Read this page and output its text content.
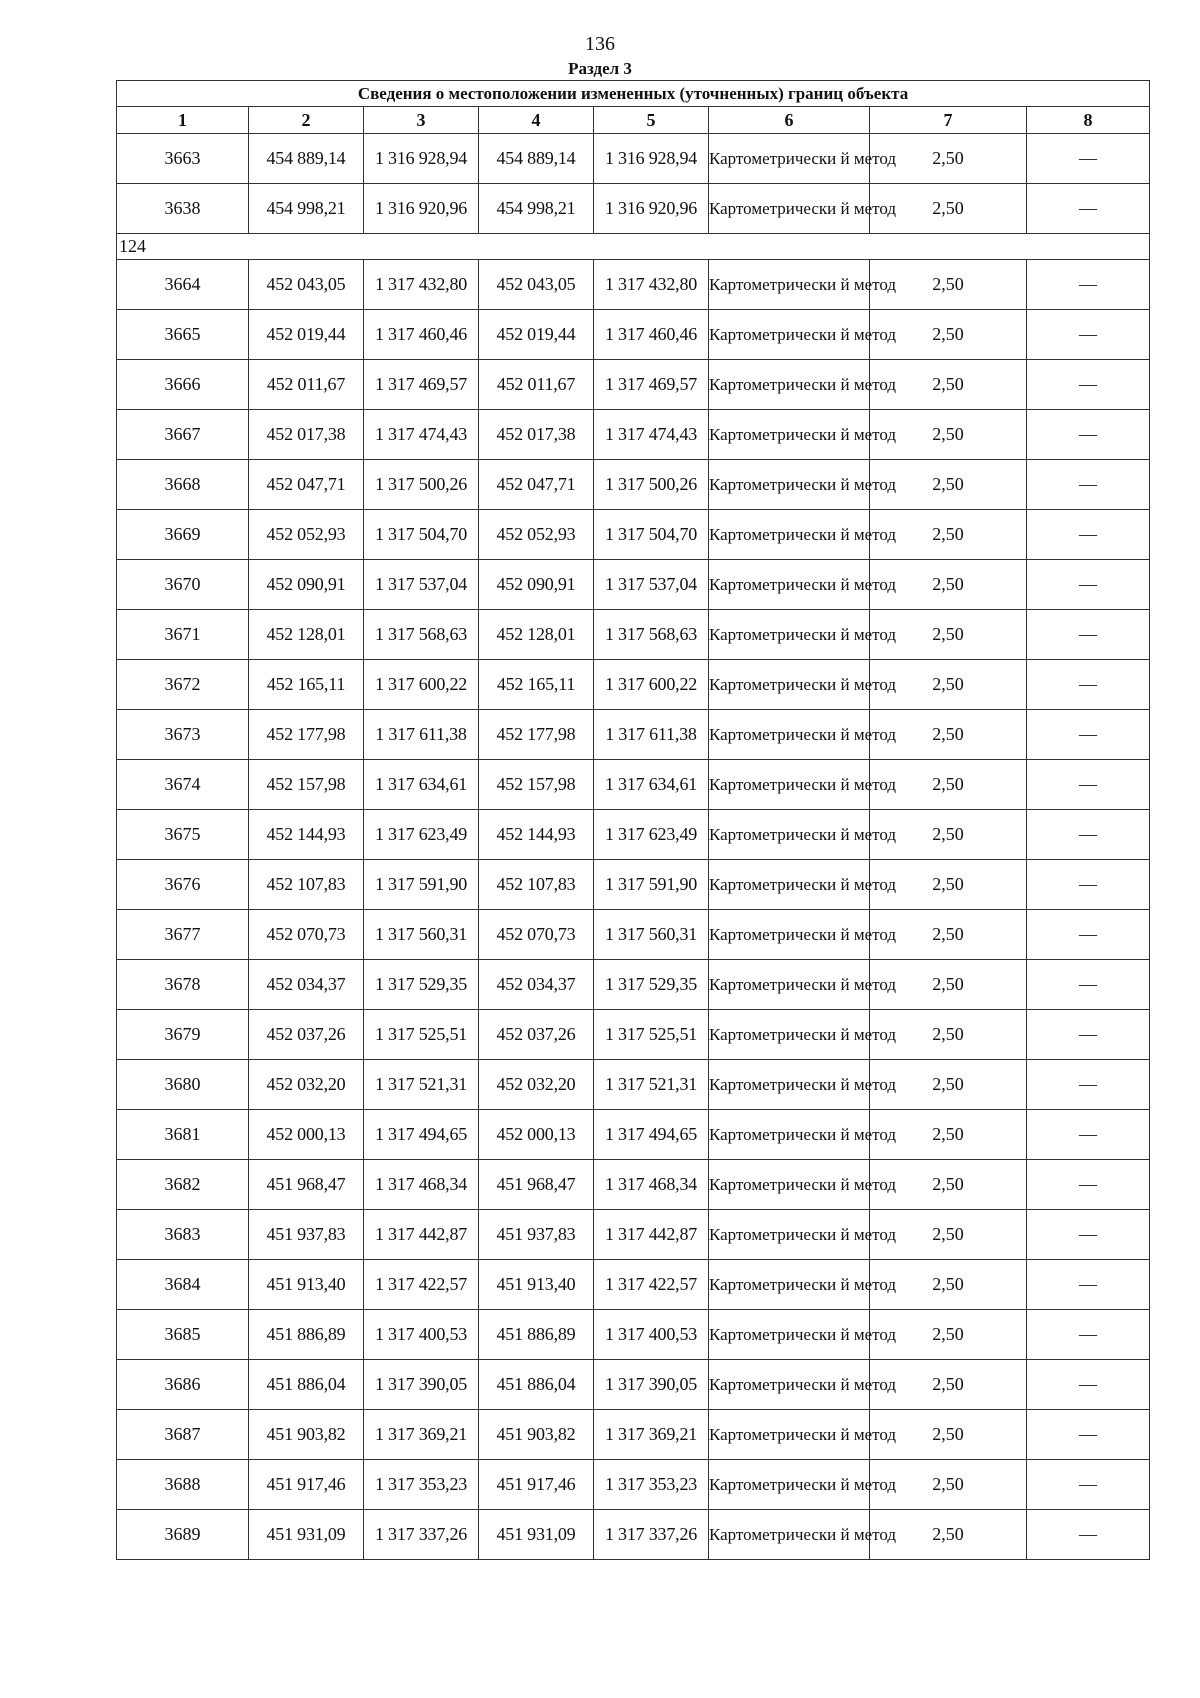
136
Раздел 3
Сведения о местоположении измененных (уточненных) границ объекта							
1	2	3	4	5	6	7	8
3663	454 889,14	1 316 928,94	454 889,14	1 316 928,94	Картометрически й метод	2,50	—
3638	454 998,21	1 316 920,96	454 998,21	1 316 920,96	Картометрически й метод	2,50	—
124							
3664	452 043,05	1 317 432,80	452 043,05	1 317 432,80	Картометрически й метод	2,50	—
3665	452 019,44	1 317 460,46	452 019,44	1 317 460,46	Картометрически й метод	2,50	—
3666	452 011,67	1 317 469,57	452 011,67	1 317 469,57	Картометрически й метод	2,50	—
3667	452 017,38	1 317 474,43	452 017,38	1 317 474,43	Картометрически й метод	2,50	—
3668	452 047,71	1 317 500,26	452 047,71	1 317 500,26	Картометрически й метод	2,50	—
3669	452 052,93	1 317 504,70	452 052,93	1 317 504,70	Картометрически й метод	2,50	—
3670	452 090,91	1 317 537,04	452 090,91	1 317 537,04	Картометрически й метод	2,50	—
3671	452 128,01	1 317 568,63	452 128,01	1 317 568,63	Картометрически й метод	2,50	—
3672	452 165,11	1 317 600,22	452 165,11	1 317 600,22	Картометрически й метод	2,50	—
3673	452 177,98	1 317 611,38	452 177,98	1 317 611,38	Картометрически й метод	2,50	—
3674	452 157,98	1 317 634,61	452 157,98	1 317 634,61	Картометрически й метод	2,50	—
3675	452 144,93	1 317 623,49	452 144,93	1 317 623,49	Картометрически й метод	2,50	—
3676	452 107,83	1 317 591,90	452 107,83	1 317 591,90	Картометрически й метод	2,50	—
3677	452 070,73	1 317 560,31	452 070,73	1 317 560,31	Картометрически й метод	2,50	—
3678	452 034,37	1 317 529,35	452 034,37	1 317 529,35	Картометрически й метод	2,50	—
3679	452 037,26	1 317 525,51	452 037,26	1 317 525,51	Картометрически й метод	2,50	—
3680	452 032,20	1 317 521,31	452 032,20	1 317 521,31	Картометрически й метод	2,50	—
3681	452 000,13	1 317 494,65	452 000,13	1 317 494,65	Картометрически й метод	2,50	—
3682	451 968,47	1 317 468,34	451 968,47	1 317 468,34	Картометрически й метод	2,50	—
3683	451 937,83	1 317 442,87	451 937,83	1 317 442,87	Картометрически й метод	2,50	—
3684	451 913,40	1 317 422,57	451 913,40	1 317 422,57	Картометрически й метод	2,50	—
3685	451 886,89	1 317 400,53	451 886,89	1 317 400,53	Картометрически й метод	2,50	—
3686	451 886,04	1 317 390,05	451 886,04	1 317 390,05	Картометрически й метод	2,50	—
3687	451 903,82	1 317 369,21	451 903,82	1 317 369,21	Картометрически й метод	2,50	—
3688	451 917,46	1 317 353,23	451 917,46	1 317 353,23	Картометрически й метод	2,50	—
3689	451 931,09	1 317 337,26	451 931,09	1 317 337,26	Картометрически й метод	2,50	—
